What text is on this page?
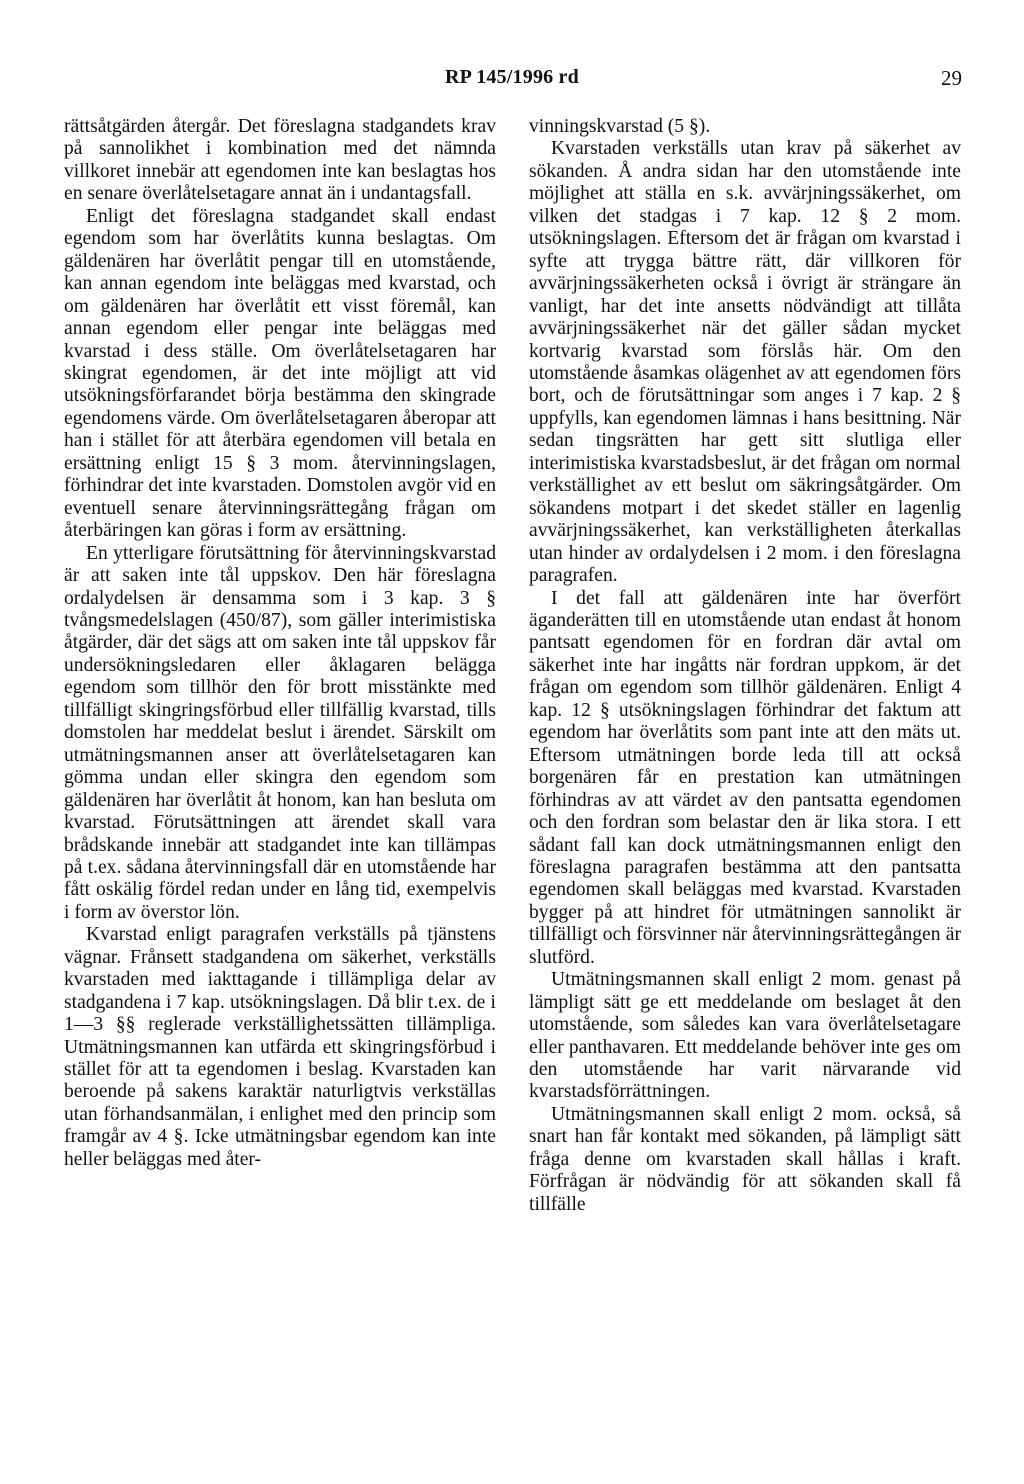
RP 145/1996 rd	29

rättsåtgärden återgår. Det föreslagna stadgandets krav på sannolikhet i kombination med det nämnda villkoret innebär att egendomen inte kan beslagtas hos en senare överlåtelsetagare annat än i undantagsfall.

Enligt det föreslagna stadgandet skall endast egendom som har överlåtits kunna beslagtas. Om gäldenären har överlåtit pengar till en utomstående, kan annan egendom inte beläggas med kvarstad, och om gäldenären har överlåtit ett visst föremål, kan annan egendom eller pengar inte beläggas med kvarstad i dess ställe. Om överlåtelsetagaren har skingrat egendomen, är det inte möjligt att vid utsökningsförfarandet börja bestämma den skingrade egendomens värde. Om överlåtelsetagaren åberopar att han i stället för att återbära egendomen vill betala en ersättning enligt 15 § 3 mom. återvinningslagen, förhindrar det inte kvarstaden. Domstolen avgör vid en eventuell senare återvinningsrättegång frågan om återbäringen kan göras i form av ersättning.

En ytterligare förutsättning för återvinningskvarstad är att saken inte tål uppskov. Den här föreslagna ordalydelsen är densamma som i 3 kap. 3 § tvångsmedelslagen (450/87), som gäller interimistiska åtgärder, där det sägs att om saken inte tål uppskov får undersökningsledaren eller åklagaren belägga egendom som tillhör den för brott misstänkte med tillfälligt skingringsförbud eller tillfällig kvarstad, tills domstolen har meddelat beslut i ärendet. Särskilt om utmätningsmannen anser att överlåtelsetagaren kan gömma undan eller skingra den egendom som gäldenären har överlåtit åt honom, kan han besluta om kvarstad. Förutsättningen att ärendet skall vara brådskande innebär att stadgandet inte kan tillämpas på t.ex. sådana återvinningsfall där en utomstående har fått oskälig fördel redan under en lång tid, exempelvis i form av överstor lön.

Kvarstad enligt paragrafen verkställs på tjänstens vägnar. Frånsett stadgandena om säkerhet, verkställs kvarstaden med iakttagande i tillämpliga delar av stadgandena i 7 kap. utsökningslagen. Då blir t.ex. de i 1—3 §§ reglerade verkställighetssätten tillämpliga. Utmätningsmannen kan utfärda ett skingringsförbud i stället för att ta egendomen i beslag. Kvarstaden kan beroende på sakens karaktär naturligtvis verkställas utan förhandsanmälan, i enlighet med den princip som framgår av 4 §. Icke utmätningsbar egendom kan inte heller beläggas med åter-

vinningskvarstad (5 §).

Kvarstaden verkställs utan krav på säkerhet av sökanden. Å andra sidan har den utomstående inte möjlighet att ställa en s.k. avvärjningssäkerhet, om vilken det stadgas i 7 kap. 12 § 2 mom. utsökningslagen. Eftersom det är frågan om kvarstad i syfte att trygga bättre rätt, där villkoren för avvärjningssäkerheten också i övrigt är strängare än vanligt, har det inte ansetts nödvändigt att tillåta avvärjningssäkerhet när det gäller sådan mycket kortvarig kvarstad som förslås här. Om den utomstående åsamkas olägenhet av att egendomen förs bort, och de förutsättningar som anges i 7 kap. 2 § uppfylls, kan egendomen lämnas i hans besittning. När sedan tingsrätten har gett sitt slutliga eller interimistiska kvarstadsbeslut, är det frågan om normal verkställighet av ett beslut om säkringsåtgärder. Om sökandens motpart i det skedet ställer en lagenlig avvärjningssäkerhet, kan verkställigheten återkallas utan hinder av ordalydelsen i 2 mom. i den föreslagna paragrafen.

I det fall att gäldenären inte har överfört äganderätten till en utomstående utan endast åt honom pantsatt egendomen för en fordran där avtal om säkerhet inte har ingåtts när fordran uppkom, är det frågan om egendom som tillhör gäldenären. Enligt 4 kap. 12 § utsökningslagen förhindrar det faktum att egendom har överlåtits som pant inte att den mäts ut. Eftersom utmätningen borde leda till att också borgenären får en prestation kan utmätningen förhindras av att värdet av den pantsatta egendomen och den fordran som belastar den är lika stora. I ett sådant fall kan dock utmätningsmannen enligt den föreslagna paragrafen bestämma att den pantsatta egendomen skall beläggas med kvarstad. Kvarstaden bygger på att hindret för utmätningen sannolikt är tillfälligt och försvinner när återvinningsrättegången är slutförd.

Utmätningsmannen skall enligt 2 mom. genast på lämpligt sätt ge ett meddelande om beslaget åt den utomstående, som således kan vara överlåtelsetagare eller panthavaren. Ett meddelande behöver inte ges om den utomstående har varit närvarande vid kvarstadsförrättningen.

Utmätningsmannen skall enligt 2 mom. också, så snart han får kontakt med sökanden, på lämpligt sätt fråga denne om kvarstaden skall hållas i kraft. Förfrågan är nödvändig för att sökanden skall få tillfälle
